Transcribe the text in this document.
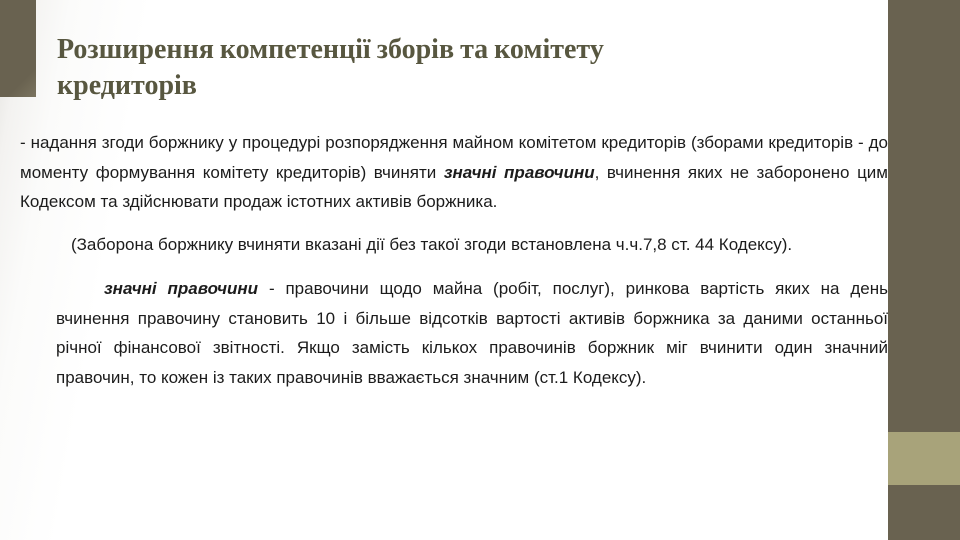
Розширення компетенції зборів та комітету
кредиторів

- надання згоди боржнику у процедурі розпорядження майном комітетом кредиторів (зборами кредиторів - до моменту формування комітету кредиторів) вчиняти значні правочини, вчинення яких не заборонено цим Кодексом та здійснювати продаж істотних активів боржника.

(Заборона боржнику вчиняти вказані дії без такої згоди встановлена ч.ч.7,8 ст. 44 Кодексу).

значні правочини - правочини щодо майна (робіт, послуг), ринкова вартість яких на день вчинення правочину становить 10 і більше відсотків вартості активів боржника за даними останньої річної фінансової звітності. Якщо замість кількох правочинів боржник міг вчинити один значний правочин, то кожен із таких правочинів вважається значним (ст.1 Кодексу).
